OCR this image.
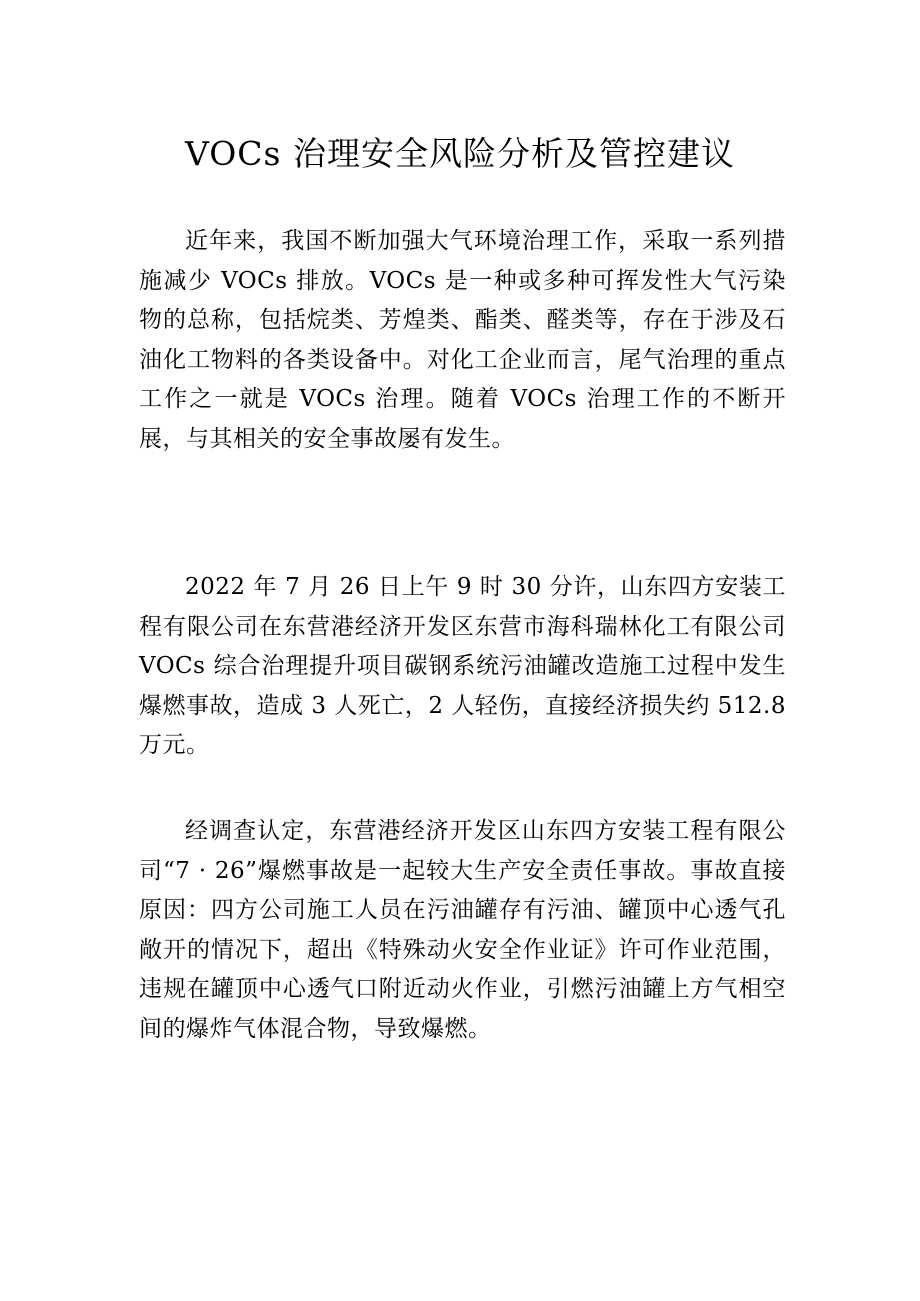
VOCs 治理安全风险分析及管控建议

近年来，我国不断加强大气环境治理工作，采取一系列措施减少 VOCs 排放。VOCs 是一种或多种可挥发性大气污染物的总称，包括烷类、芳煌类、酯类、醛类等，存在于涉及石油化工物料的各类设备中。对化工企业而言，尾气治理的重点工作之一就是 VOCs 治理。随着 VOCs 治理工作的不断开展，与其相关的安全事故屡有发生。

2022 年 7 月 26 日上午 9 时 30 分许，山东四方安装工程有限公司在东营港经济开发区东营市海科瑞林化工有限公司 VOCs 综合治理提升项目碳钢系统污油罐改造施工过程中发生爆燃事故，造成 3 人死亡，2 人轻伤，直接经济损失约 512.8 万元。

经调查认定，东营港经济开发区山东四方安装工程有限公司“7 · 26”爆燃事故是一起较大生产安全责任事故。事故直接原因：四方公司施工人员在污油罐存有污油、罐顶中心透气孔敞开的情况下，超出《特殊动火安全作业证》许可作业范围，违规在罐顶中心透气口附近动火作业，引燃污油罐上方气相空间的爆炸气体混合物，导致爆燃。
